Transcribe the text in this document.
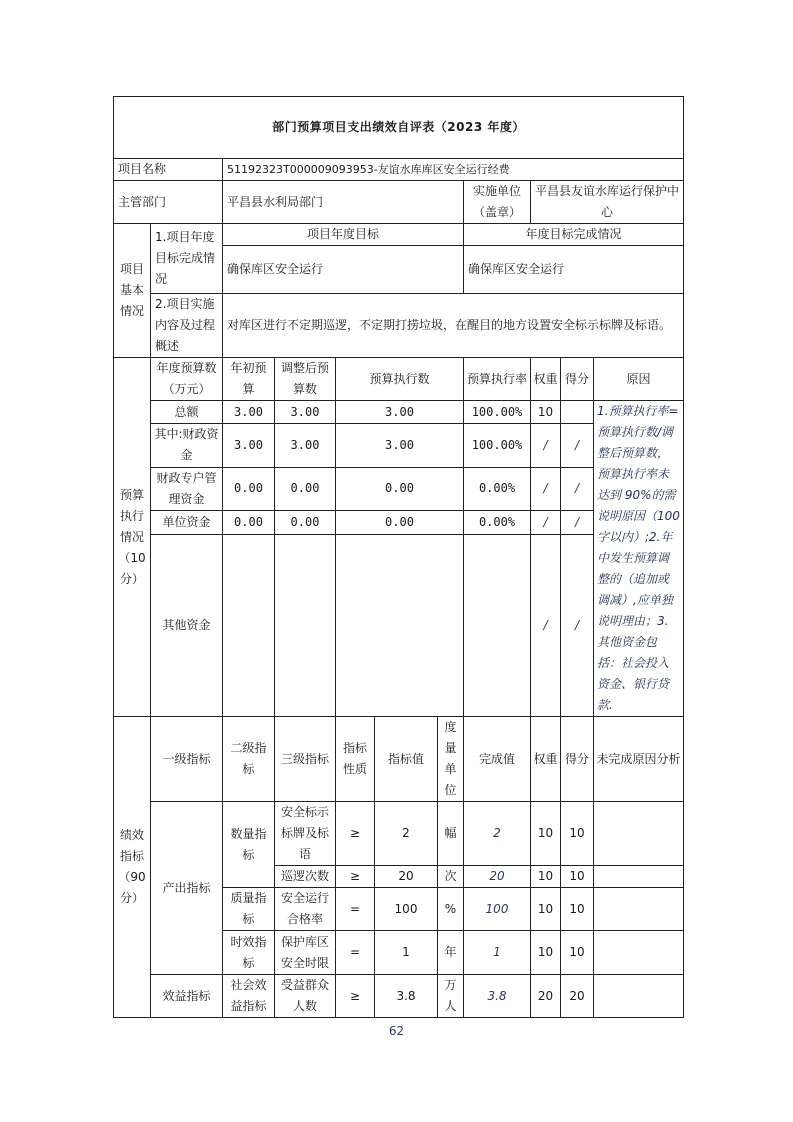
部门预算项目支出绩效自评表（2023 年度）										
项目名称		51192323T000009093953-友谊水库库区安全运行经费								
主管部门		平昌县水利局部门					实施单位（盖章）	平昌县友谊水库运行保护中心		
项目基本情况	1.项目年度目标完成情况	项目年度目标					年度目标完成情况			
		确保库区安全运行					确保库区安全运行			
	2.项目实施内容及过程概述	对库区进行不定期巡逻，不定期打捞垃圾，在醒目的地方设置安全标示标牌及标语。								
预算执行情况（10分）	年度预算数（万元）	年初预算	调整后预算数	预算执行数			预算执行率	权重	得分	原因
	总额	3.00	3.00	3.00			100.00%	10		1.预算执行率=预算执行数/调整后预算数，预算执行率未达到 90%的需说明原因（100 字以内）;2.年中发生预算调整的（追加或调减）,应单独说明理由；3.其他资金包括：社会投入资金、银行贷款.
	其中:财政资金	3.00	3.00	3.00			100.00%	/	/	
	财政专户管理资金	0.00	0.00	0.00			0.00%	/	/	
	单位资金	0.00	0.00	0.00			0.00%	/	/	
	其他资金							/	/	
绩效指标（90分）	一级指标	二级指标	三级指标	指标性质	指标值	度量单位	完成值	权重	得分	未完成原因分析
	产出指标	数量指标	安全标示标牌及标语	≥	2	幅	2	10	10	
			巡逻次数	≥	20	次	20	10	10	
		质量指标	安全运行合格率	=	100	%	100	10	10	
		时效指标	保护库区安全时限	=	1	年	1	10	10	
	效益指标	社会效益指标	受益群众人数	≥	3.8	万人	3.8	20	20	
62
